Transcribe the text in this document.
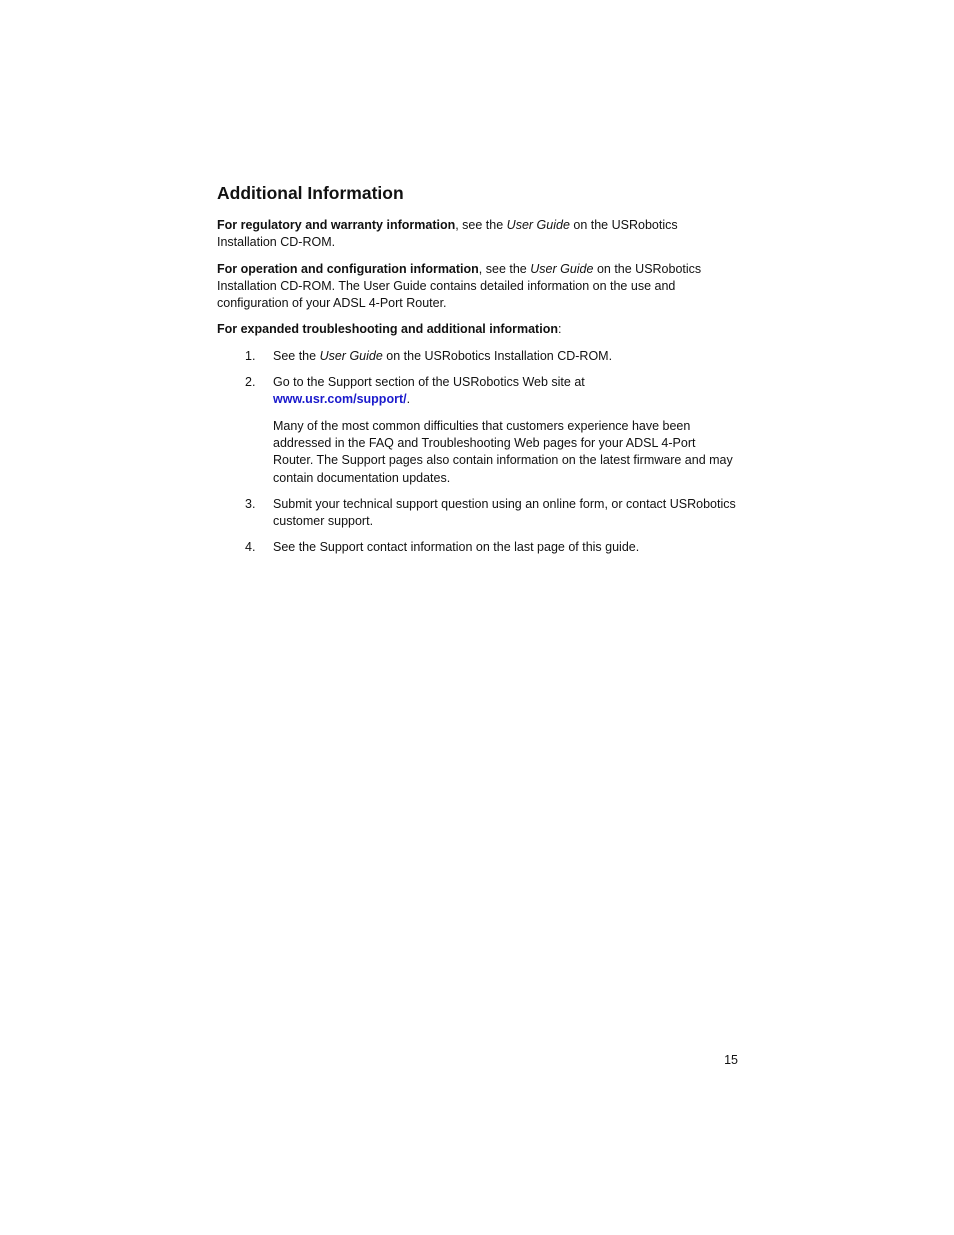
Additional Information

For regulatory and warranty information, see the User Guide on the USRobotics Installation CD-ROM.

For operation and configuration information, see the User Guide on the USRobotics Installation CD-ROM. The User Guide contains detailed information on the use and configuration of your ADSL 4-Port Router.

For expanded troubleshooting and additional information:

1. See the User Guide on the USRobotics Installation CD-ROM.

2. Go to the Support section of the USRobotics Web site at
www.usr.com/support/.

Many of the most common difficulties that customers experience have been addressed in the FAQ and Troubleshooting Web pages for your ADSL 4-Port Router. The Support pages also contain information on the latest firmware and may contain documentation updates.

3. Submit your technical support question using an online form, or contact USRobotics customer support.

4. See the Support contact information on the last page of this guide.

15
